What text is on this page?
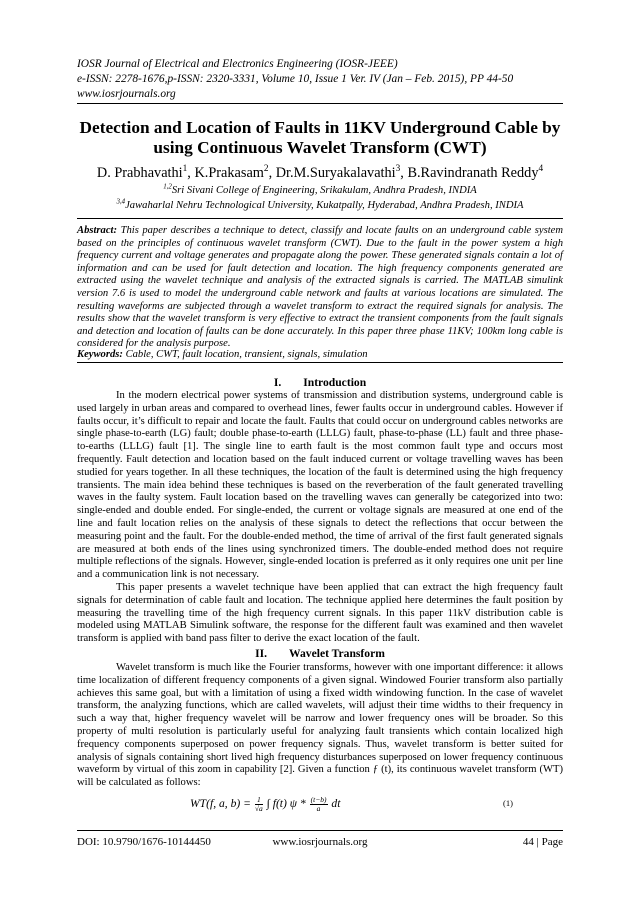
IOSR Journal of Electrical and Electronics Engineering (IOSR-JEEE)
e-ISSN: 2278-1676,p-ISSN: 2320-3331, Volume 10, Issue 1 Ver. IV (Jan – Feb. 2015), PP 44-50
www.iosrjournals.org
Detection and Location of Faults in 11KV Underground Cable by
using Continuous Wavelet Transform (CWT)
D. Prabhavathi$^1$, K.Prakasam$^2$, Dr.M.Suryakalavathi$^3$, B.Ravindranath Reddy$^4$
$^{1,2}$Sri Sivani College of Engineering, Srikakulam, Andhra Pradesh, INDIA
$^{3,4}$Jawaharlal Nehru Technological University, Kukatpally, Hyderabad, Andhra Pradesh, INDIA
Abstract: This paper describes a technique to detect, classify and locate faults on an underground cable system based on the principles of continuous wavelet transform (CWT). Due to the fault in the power system a high frequency current and voltage generates and propagate along the power. These generated signals contain a lot of information and can be used for fault detection and location. The high frequency components generated are extracted using the wavelet technique and analysis of the extracted signals is carried. The MATLAB simulink version 7.6 is used to model the underground cable network and faults at various locations are simulated. The resulting waveforms are subjected through a wavelet transform to extract the required signals for analysis. The results show that the wavelet transform is very effective to extract the transient components from the fault signals and detection and location of faults can be done accurately. In this paper three phase 11KV; 100km long cable is considered for the analysis purpose.
Keywords: Cable, CWT, fault location, transient, signals, simulation
I. Introduction

In the modern electrical power systems of transmission and distribution systems, underground cable is used largely in urban areas and compared to overhead lines, fewer faults occur in underground cables. However if faults occur, it’s difficult to repair and locate the fault. Faults that could occur on underground cables networks are single phase-to-earth (LG) fault; double phase-to-earth (LLLG) fault, phase-to-phase (LL) fault and three phase-to-earths (LLLG) fault [1]. The single line to earth fault is the most common fault type and occurs most frequently. Fault detection and location based on the fault induced current or voltage travelling waves has been studied for years together. In all these techniques, the location of the fault is determined using the high frequency transients. The main idea behind these techniques is based on the reverberation of the fault generated travelling waves in the faulty system. Fault location based on the travelling waves can generally be categorized into two: single-ended and double ended. For single-ended, the current or voltage signals are measured at one end of the line and fault location relies on the analysis of these signals to detect the reflections that occur between the measuring point and the fault. For the double-ended method, the time of arrival of the first fault generated signals are measured at both ends of the lines using synchronized timers. The double-ended method does not require multiple reflections of the signals. However, single-ended location is preferred as it only requires one unit per line and a communication link is not necessary.

This paper presents a wavelet technique have been applied that can extract the high frequency fault signals for determination of cable fault and location. The technique applied here determines the fault position by measuring the travelling time of the high frequency current signals. In this paper 11kV distribution cable is modeled using MATLAB Simulink software, the response for the different fault was examined and then wavelet transform is applied with band pass filter to derive the exact location of the fault.

II. Wavelet Transform

Wavelet transform is much like the Fourier transforms, however with one important difference: it allows time localization of different frequency components of a given signal. Windowed Fourier transform also partially achieves this same goal, but with a limitation of using a fixed width windowing function. In the case of wavelet transform, the analyzing functions, which are called wavelets, will adjust their time widths to their frequency in such a way that, higher frequency wavelet will be narrow and lower frequency ones will be broader. So this property of multi resolution is particularly useful for analyzing fault transients which contain localized high frequency components superposed on power frequency signals. Thus, wavelet transform is better suited for analysis of signals containing short lived high frequency disturbances superposed on lower frequency continuous waveform by virtual of this zoom in capability [2]. Given a function ƒ (t), its continuous wavelet transform (WT) will be calculated as follows:

WT(f, a, $b) = \frac{1}{√a}$ ∫ f(t) ψ * $\frac{(t-b)}{a}$ dt	(1)
DOI: 10.9790/1676-10144450	www.iosrjournals.org	44 | Page
